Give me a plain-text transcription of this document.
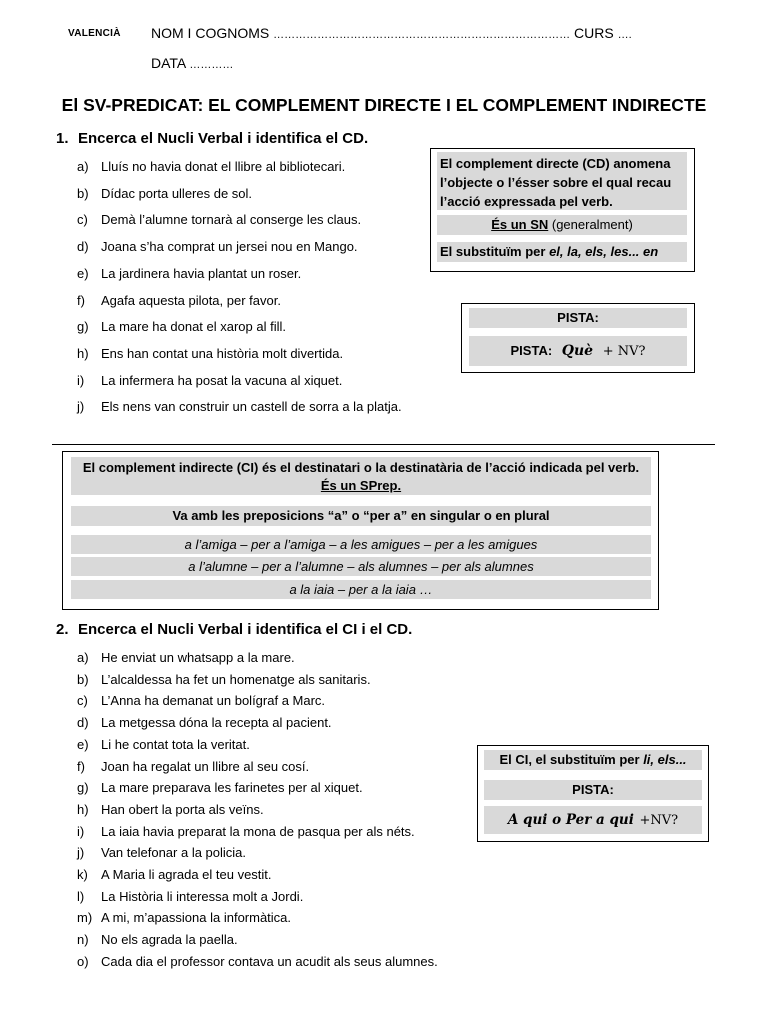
VALENCIÀ NOM I COGNOMS ……………………………………………………………………… CURS ….
DATA …………
El SV-PREDICAT: EL COMPLEMENT DIRECTE I EL COMPLEMENT INDIRECTE
1. Encerca el Nucli Verbal i identifica el CD.
a) Lluís no havia donat el llibre al bibliotecari.
b) Dídac porta ulleres de sol.
c) Demà l’alumne tornarà al conserge les claus.
d) Joana s’ha comprat un jersei nou en Mango.
e) La jardinera havia plantat un roser.
f) Agafa aquesta pilota, per favor.
g) La mare ha donat el xarop al fill.
h) Ens han contat una història molt divertida.
i) La infermera ha posat la vacuna al xiquet.
j) Els nens van construir un castell de sorra a la platja.
El complement directe (CD) anomena l’objecte o l’ésser sobre el qual recau l’acció expressada pel verb.
És un SN (generalment)
El substituïm per el, la, els, les... en
PISTA:
PISTA: Què + NV?
El complement indirecte (CI) és el destinatari o la destinatària de l’acció indicada pel verb.
És un SPrep.
Va amb les preposicions “a” o “per a” en singular o en plural
a l’amiga – per a l’amiga – a les amigues – per a les amigues
a l’alumne – per a l’alumne – als alumnes – per als alumnes
a la iaia – per a la iaia …
2. Encerca el Nucli Verbal i identifica el CI i el CD.
a) He enviat un whatsapp a la mare.
b) L’alcaldessa ha fet un homenatge als sanitaris.
c) L’Anna ha demanat un bolígraf a Marc.
d) La metgessa dóna la recepta al pacient.
e) Li he contat tota la veritat.
f) Joan ha regalat un llibre al seu cosí.
g) La mare preparava les farinetes per al xiquet.
h) Han obert la porta als veïns.
i) La iaia havia preparat la mona de pasqua per als néts.
j) Van telefonar a la policia.
k) A Maria li agrada el teu vestit.
l) La Història li interessa molt a Jordi.
m) A mi, m’apassiona la informàtica.
n) No els agrada la paella.
o) Cada dia el professor contava un acudit als seus alumnes.
El CI, el substituïm per li, els...
PISTA:
A qui o Per a qui +NV?
